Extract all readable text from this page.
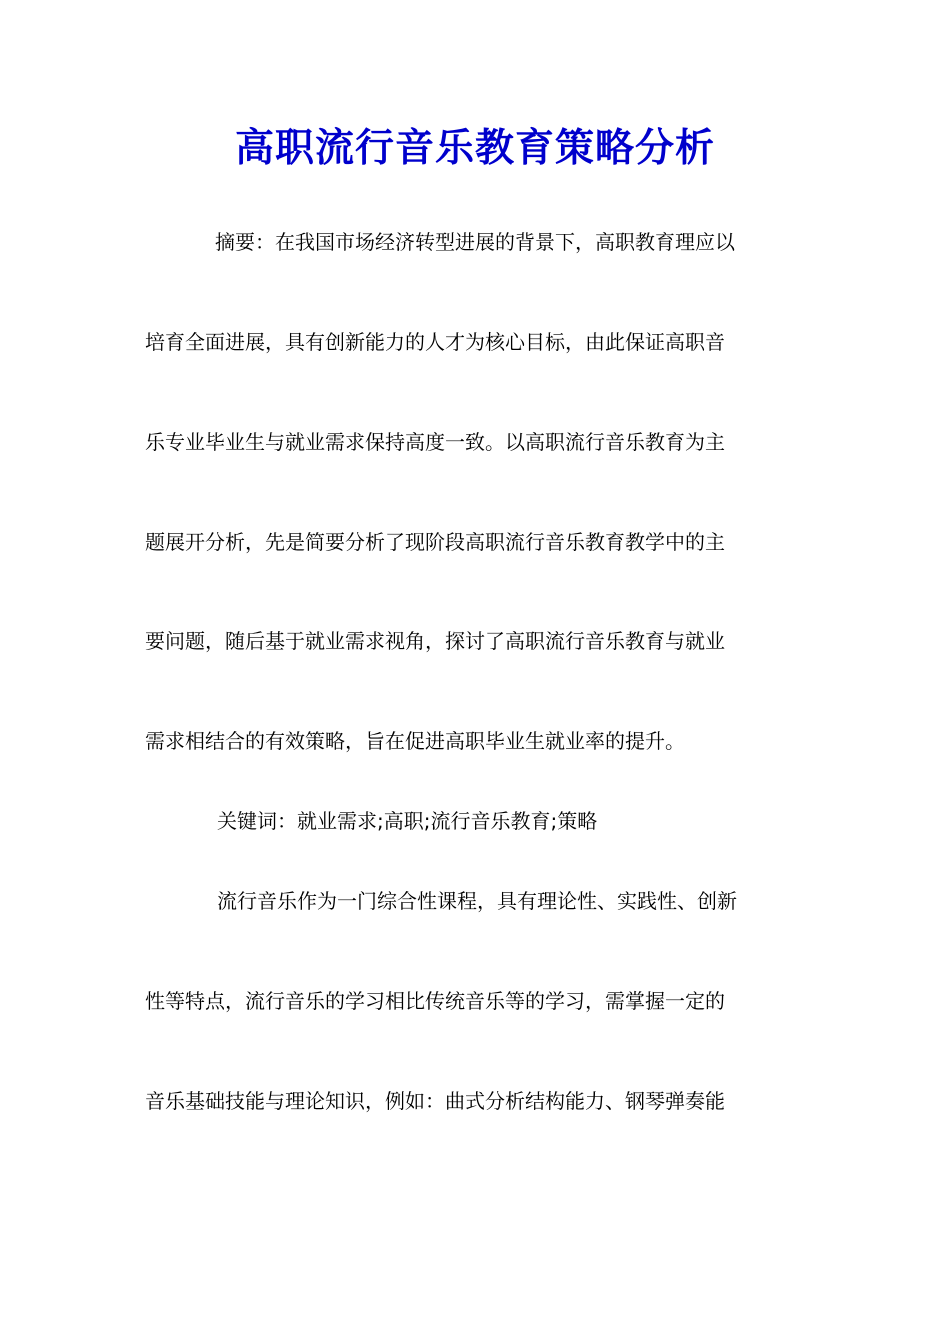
高职流行音乐教育策略分析
摘要：在我国市场经济转型进展的背景下，高职教育理应以
培育全面进展，具有创新能力的人才为核心目标，由此保证高职音
乐专业毕业生与就业需求保持高度一致。以高职流行音乐教育为主
题展开分析，先是简要分析了现阶段高职流行音乐教育教学中的主
要问题，随后基于就业需求视角，探讨了高职流行音乐教育与就业
需求相结合的有效策略，旨在促进高职毕业生就业率的提升。
关键词：就业需求;高职;流行音乐教育;策略
流行音乐作为一门综合性课程，具有理论性、实践性、创新
性等特点，流行音乐的学习相比传统音乐等的学习，需掌握一定的
音乐基础技能与理论知识，例如：曲式分析结构能力、钢琴弹奏能
